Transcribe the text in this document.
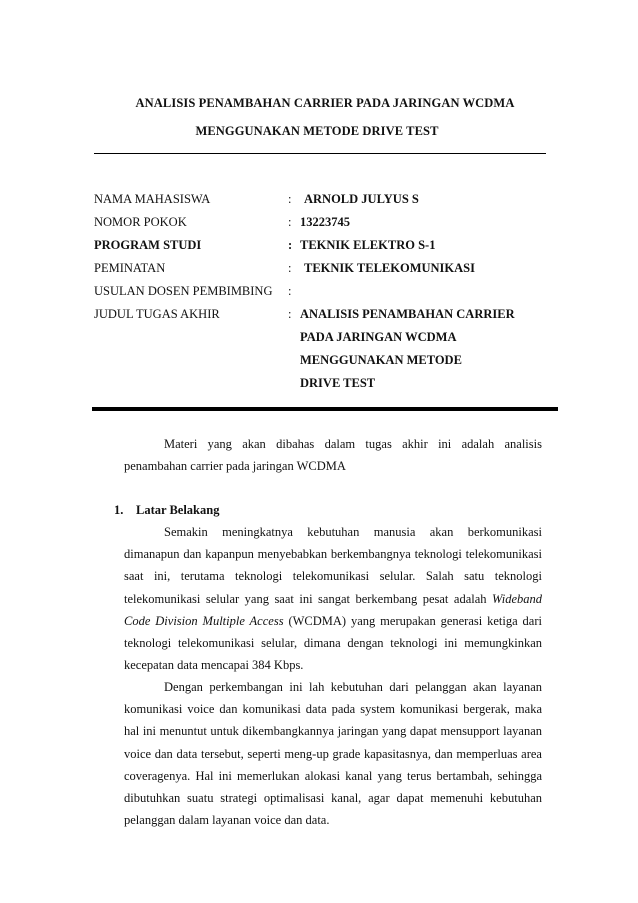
ANALISIS PENAMBAHAN CARRIER PADA JARINGAN WCDMA
MENGGUNAKAN METODE DRIVE TEST
NAMA MAHASISWA	: ARNOLD JULYUS S
NOMOR POKOK	: 13223745
PROGRAM STUDI	: TEKNIK ELEKTRO S-1
PEMINATAN	: TEKNIK TELEKOMUNIKASI
USULAN DOSEN PEMBIMBING :
JUDUL TUGAS AKHIR	: ANALISIS PENAMBAHAN CARRIER
PADA JARINGAN WCDMA
MENGGUNAKAN METODE
DRIVE TEST

Materi yang akan dibahas dalam tugas akhir ini adalah analisis penambahan carrier pada jaringan WCDMA

1. Latar Belakang

Semakin meningkatnya kebutuhan manusia akan berkomunikasi dimanapun dan kapanpun menyebabkan berkembangnya teknologi telekomunikasi saat ini, terutama teknologi telekomunikasi selular. Salah satu teknologi telekomunikasi selular yang saat ini sangat berkembang pesat adalah Wideband Code Division Multiple Access (WCDMA) yang merupakan generasi ketiga dari teknologi telekomunikasi selular, dimana dengan teknologi ini memungkinkan kecepatan data mencapai 384 Kbps.

Dengan perkembangan ini lah kebutuhan dari pelanggan akan layanan komunikasi voice dan komunikasi data pada system komunikasi bergerak, maka hal ini menuntut untuk dikembangkannya jaringan yang dapat mensupport layanan voice dan data tersebut, seperti meng-up grade kapasitasnya, dan memperluas area coveragenya. Hal ini memerlukan alokasi kanal yang terus bertambah, sehingga dibutuhkan suatu strategi optimalisasi kanal, agar dapat memenuhi kebutuhan pelanggan dalam layanan voice dan data.
